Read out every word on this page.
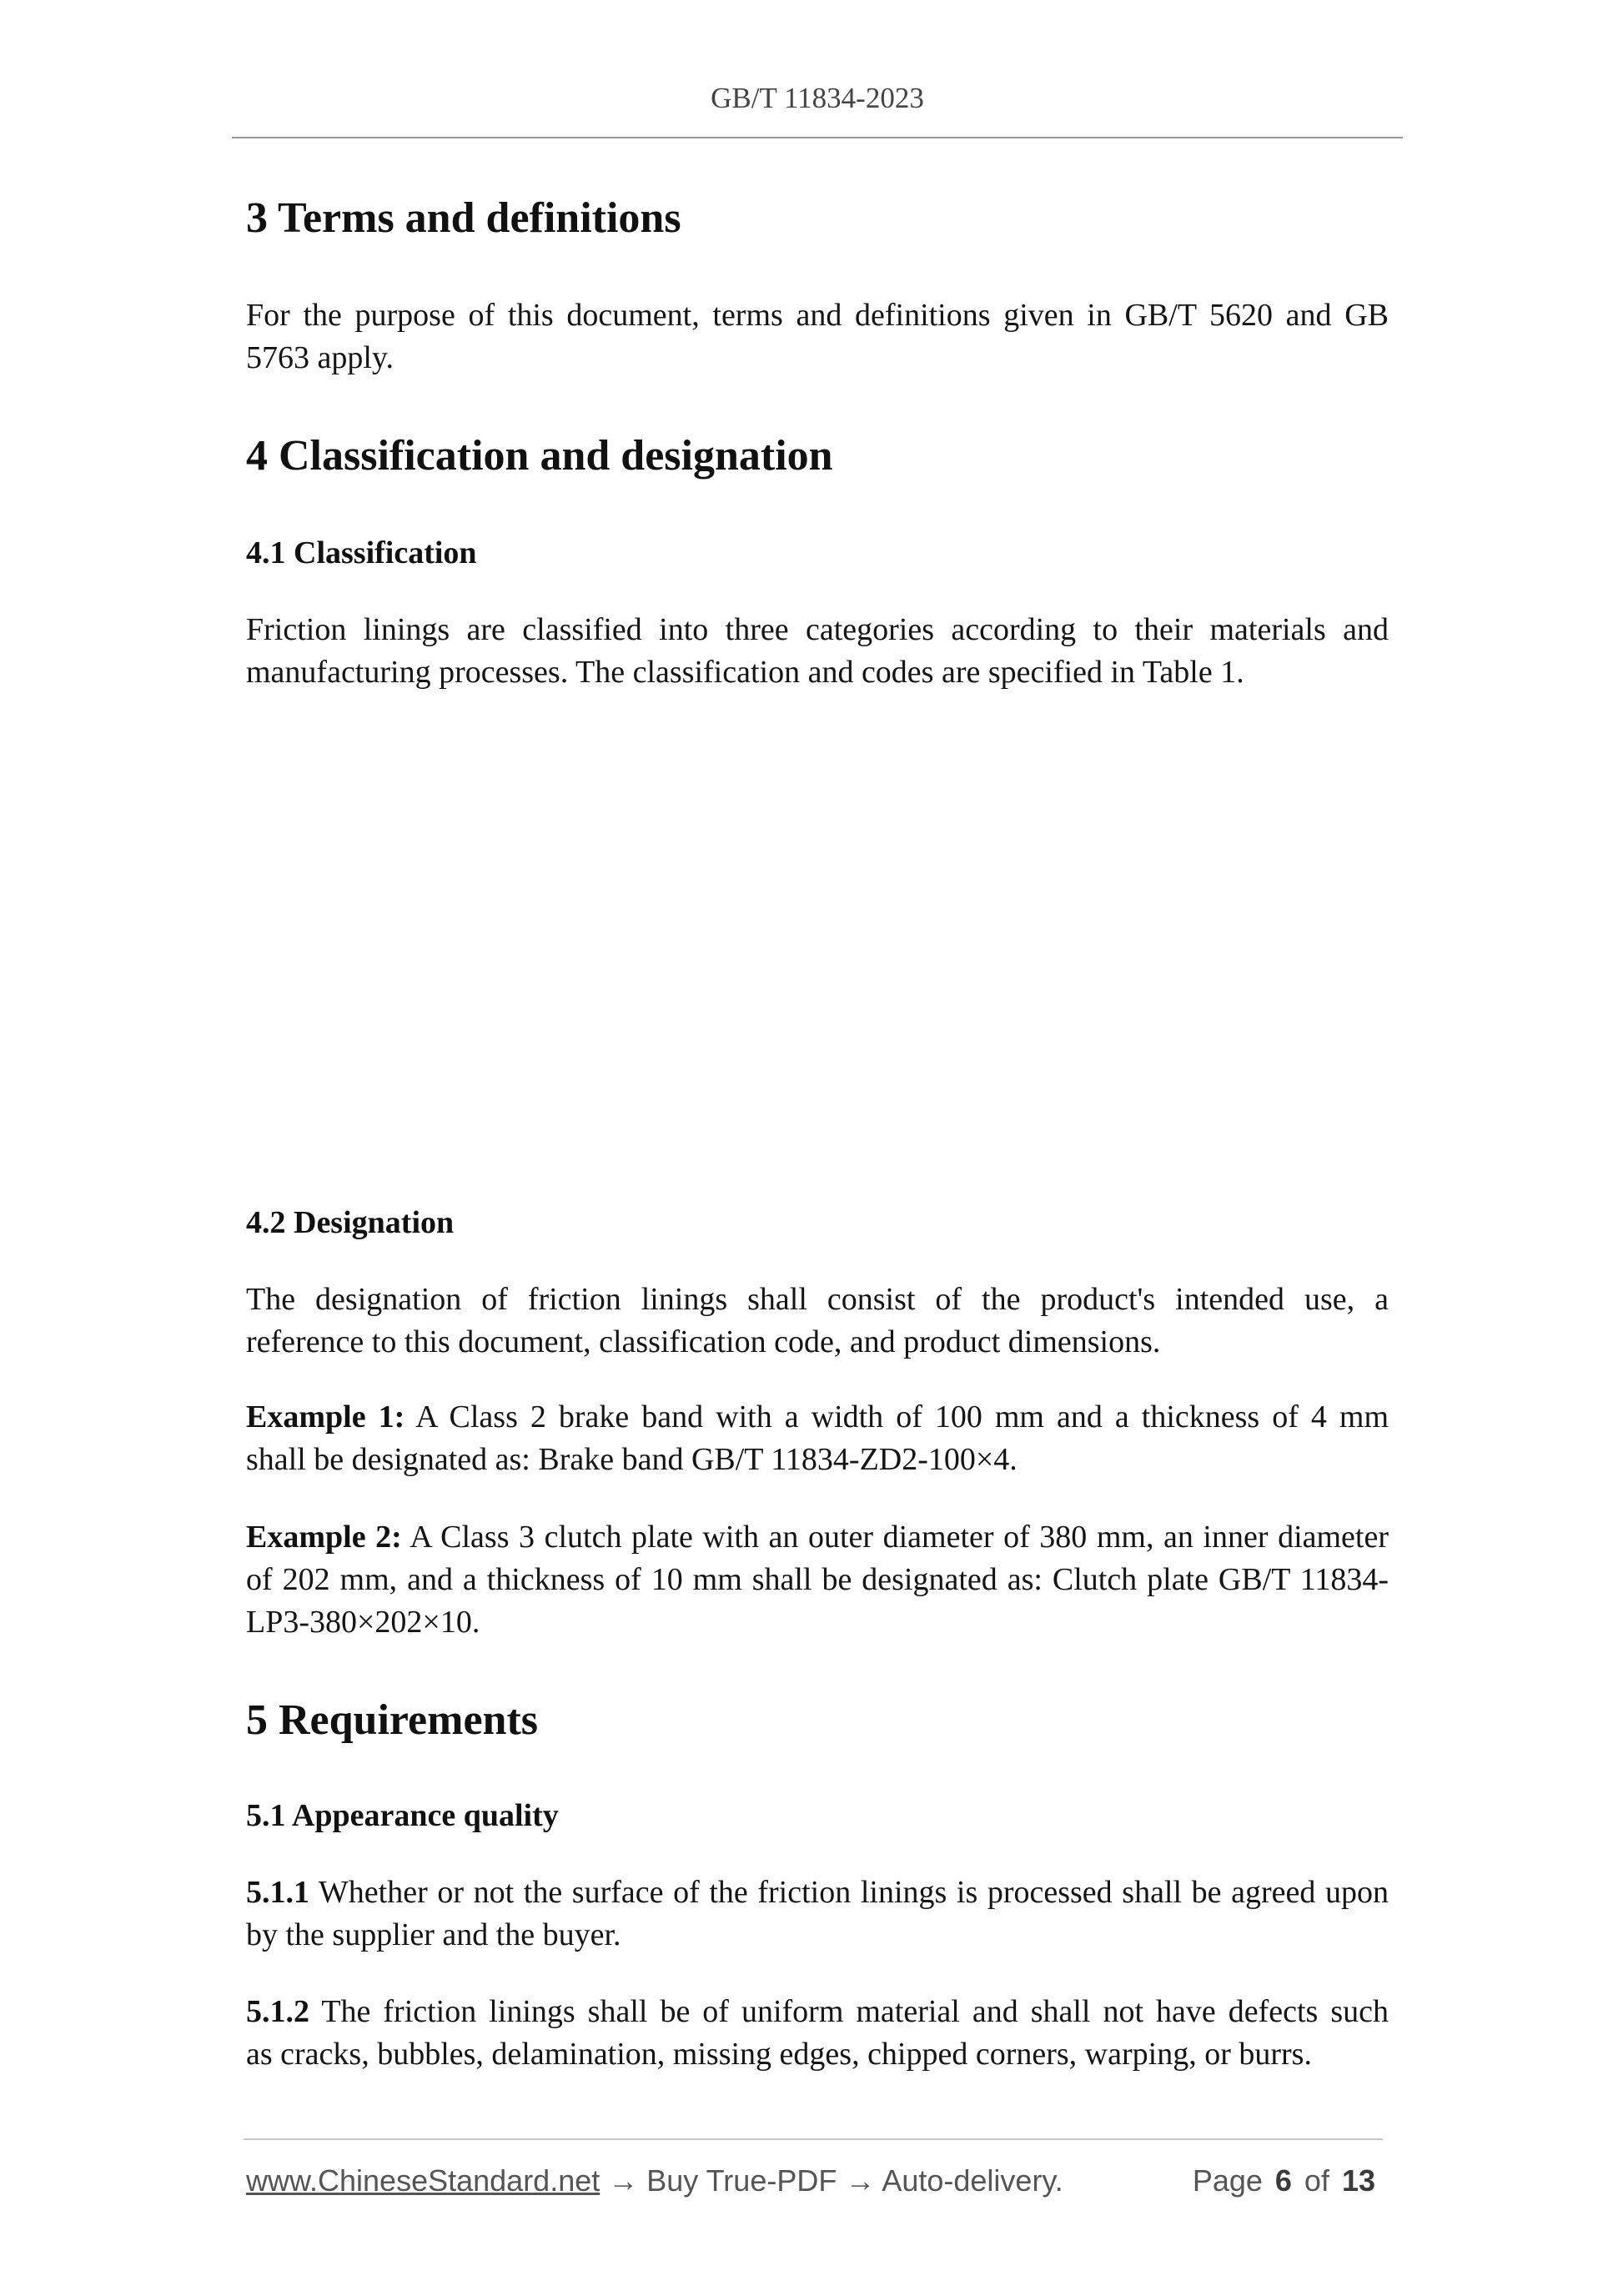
GB/T 11834-2023
3 Terms and definitions
For the purpose of this document, terms and definitions given in GB/T 5620 and GB
5763 apply.
4 Classification and designation
4.1 Classification
Friction linings are classified into three categories according to their materials and
manufacturing processes. The classification and codes are specified in Table 1.
4.2 Designation
The designation of friction linings shall consist of the product's intended use, a
reference to this document, classification code, and product dimensions.
Example 1: A Class 2 brake band with a width of 100 mm and a thickness of 4 mm
shall be designated as: Brake band GB/T 11834-ZD2-100×4.
Example 2: A Class 3 clutch plate with an outer diameter of 380 mm, an inner diameter
of 202 mm, and a thickness of 10 mm shall be designated as: Clutch plate GB/T 11834-
LP3-380×202×10.
5 Requirements
5.1 Appearance quality
5.1.1 Whether or not the surface of the friction linings is processed shall be agreed upon
by the supplier and the buyer.
5.1.2 The friction linings shall be of uniform material and shall not have defects such
as cracks, bubbles, delamination, missing edges, chipped corners, warping, or burrs.
www.ChineseStandard.net → Buy True-PDF → Auto-delivery.	Page 6 of 13
